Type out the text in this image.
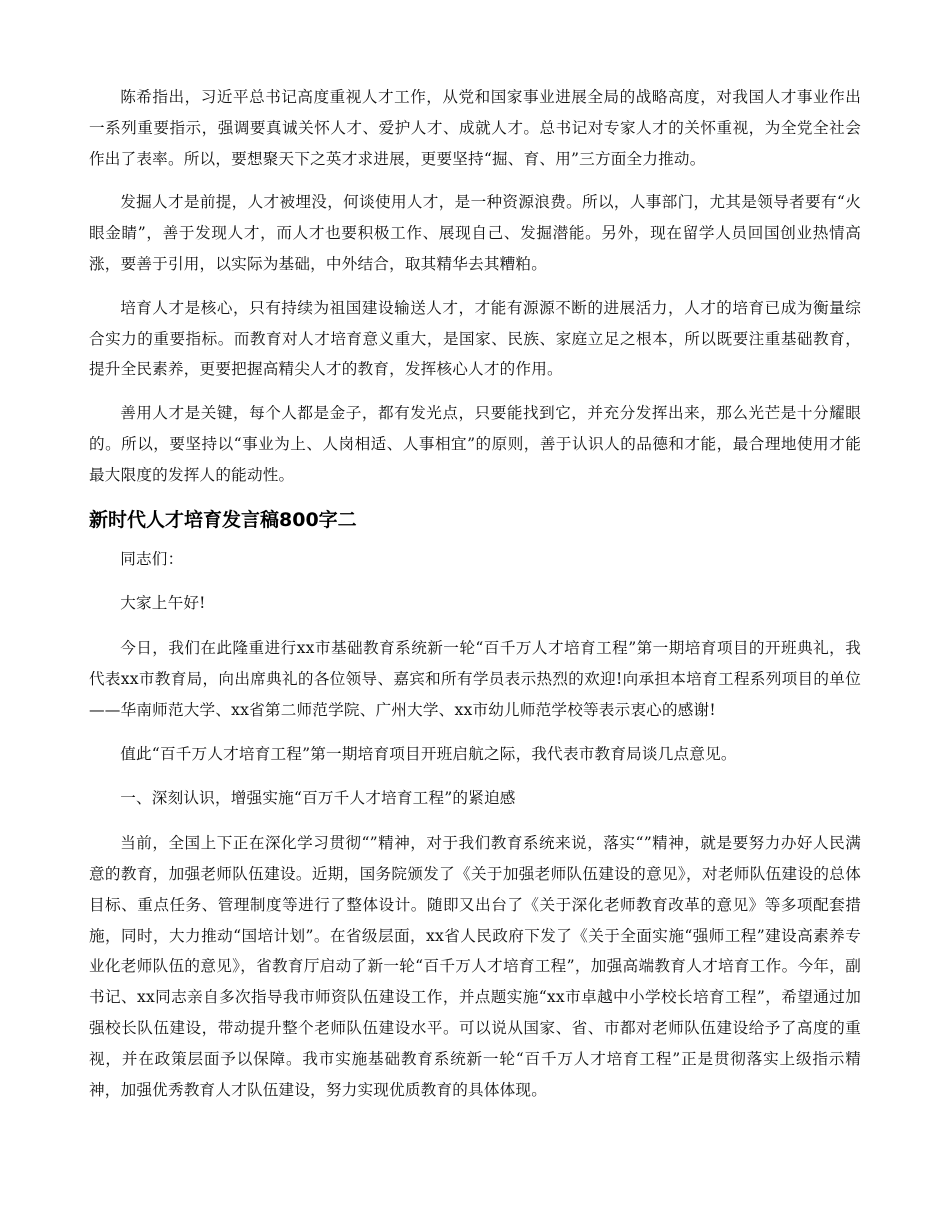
陈希指出，习近平总书记高度重视人才工作，从党和国家事业进展全局的战略高度，对我国人才事业作出一系列重要指示，强调要真诚关怀人才、爱护人才、成就人才。总书记对专家人才的关怀重视，为全党全社会作出了表率。所以，要想聚天下之英才求进展，更要坚持“掘、育、用”三方面全力推动。

发掘人才是前提，人才被埋没，何谈使用人才，是一种资源浪费。所以，人事部门，尤其是领导者要有“火眼金睛”，善于发现人才，而人才也要积极工作、展现自己、发掘潜能。另外，现在留学人员回国创业热情高涨，要善于引用，以实际为基础，中外结合，取其精华去其糟粕。

培育人才是核心，只有持续为祖国建设输送人才，才能有源源不断的进展活力，人才的培育已成为衡量综合实力的重要指标。而教育对人才培育意义重大，是国家、民族、家庭立足之根本，所以既要注重基础教育，提升全民素养，更要把握高精尖人才的教育，发挥核心人才的作用。

善用人才是关键，每个人都是金子，都有发光点，只要能找到它，并充分发挥出来，那么光芒是十分耀眼的。所以，要坚持以“事业为上、人岗相适、人事相宜”的原则，善于认识人的品德和才能，最合理地使用才能最大限度的发挥人的能动性。

新时代人才培育发言稿800字二

同志们：

大家上午好!

今日，我们在此隆重进行xx市基础教育系统新一轮“百千万人才培育工程”第一期培育项目的开班典礼，我代表xx市教育局，向出席典礼的各位领导、嘉宾和所有学员表示热烈的欢迎!向承担本培育工程系列项目的单位——华南师范大学、xx省第二师范学院、广州大学、xx市幼儿师范学校等表示衷心的感谢!

值此“百千万人才培育工程”第一期培育项目开班启航之际，我代表市教育局谈几点意见。

一、深刻认识，增强实施“百万千人才培育工程”的紧迫感

当前，全国上下正在深化学习贯彻“”精神，对于我们教育系统来说，落实“”精神，就是要努力办好人民满意的教育，加强老师队伍建设。近期，国务院颁发了《关于加强老师队伍建设的意见》，对老师队伍建设的总体目标、重点任务、管理制度等进行了整体设计。随即又出台了《关于深化老师教育改革的意见》等多项配套措施，同时，大力推动“国培计划”。在省级层面，xx省人民政府下发了《关于全面实施“强师工程”建设高素养专业化老师队伍的意见》，省教育厅启动了新一轮“百千万人才培育工程”，加强高端教育人才培育工作。今年，副书记、xx同志亲自多次指导我市师资队伍建设工作，并点题实施“xx市卓越中小学校长培育工程”，希望通过加强校长队伍建设，带动提升整个老师队伍建设水平。可以说从国家、省、市都对老师队伍建设给予了高度的重视，并在政策层面予以保障。我市实施基础教育系统新一轮“百千万人才培育工程”正是贯彻落实上级指示精神，加强优秀教育人才队伍建设，努力实现优质教育的具体体现。
